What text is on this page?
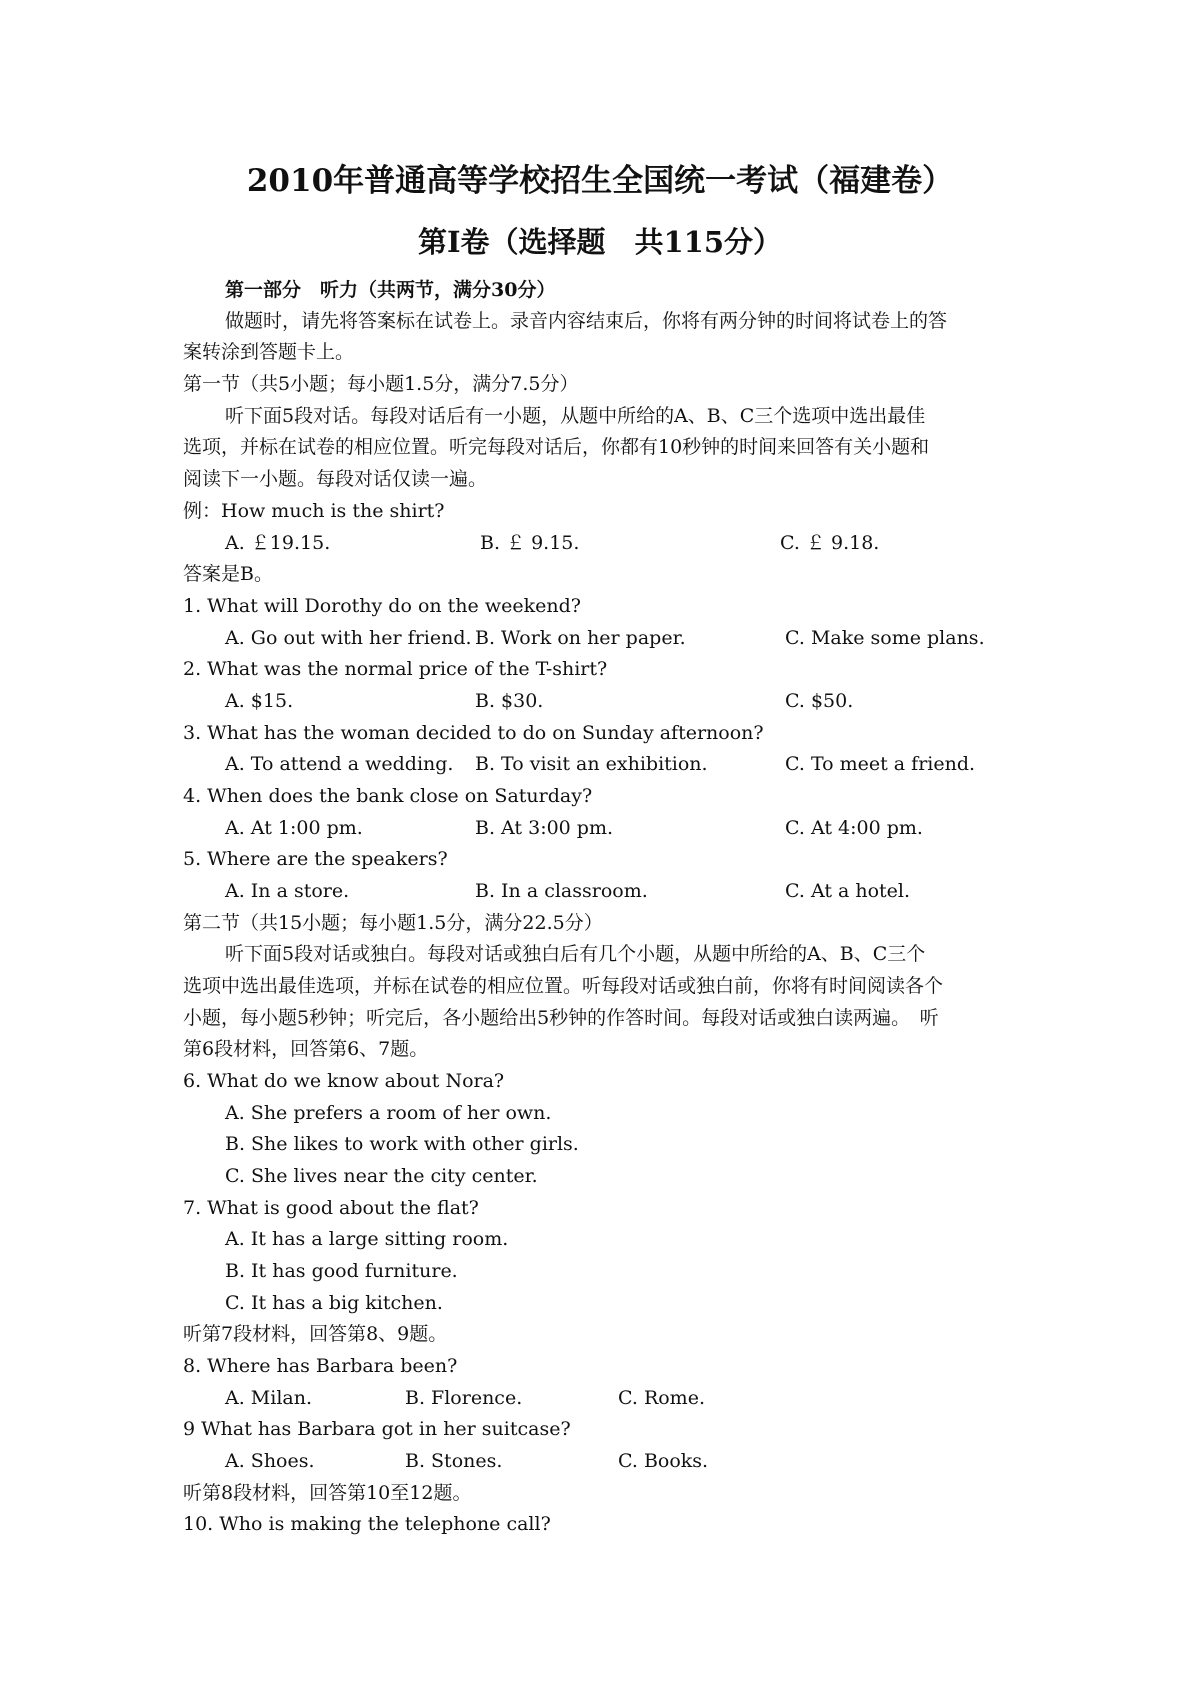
2010年普通高等学校招生全国统一考试（福建卷）
第I卷（选择题　共115分）
第一部分　听力（共两节，满分30分）
做题时，请先将答案标在试卷上。录音内容结束后，你将有两分钟的时间将试卷上的答
案转涂到答题卡上。
第一节（共5小题；每小题1.5分，满分7.5分）
听下面5段对话。每段对话后有一小题，从题中所给的A、B、C三个选项中选出最佳
选项，并标在试卷的相应位置。听完每段对话后，你都有10秒钟的时间来回答有关小题和
阅读下一小题。每段对话仅读一遍。
例：How much is the shirt?
A. ￡19.15.	B. ￡ 9.15.	C. ￡ 9.18.
答案是B。
1. What will Dorothy do on the weekend?
A. Go out with her friend. B. Work on her paper.	C. Make some plans.
2. What was the normal price of the T-shirt?
A. $15.	B. $30.	C. $50.
3. What has the woman decided to do on Sunday afternoon?
A. To attend a wedding. B. To visit an exhibition.	C. To meet a friend.
4. When does the bank close on Saturday?
A. At 1:00 pm.	B. At 3:00 pm.	C. At 4:00 pm.
5. Where are the speakers?
A. In a store.	B. In a classroom.	C. At a hotel.
第二节（共15小题；每小题1.5分，满分22.5分）
听下面5段对话或独白。每段对话或独白后有几个小题，从题中所给的A、B、C三个
选项中选出最佳选项，并标在试卷的相应位置。听每段对话或独白前，你将有时间阅读各个
小题，每小题5秒钟；听完后，各小题给出5秒钟的作答时间。每段对话或独白读两遍。　听
第6段材料，回答第6、7题。
6. What do we know about Nora?
A. She prefers a room of her own.
B. She likes to work with other girls.
C. She lives near the city center.
7. What is good about the flat?
A. It has a large sitting room.
B. It has good furniture.
C. It has a big kitchen.
听第7段材料，回答第8、9题。
8. Where has Barbara been?
A. Milan.	B. Florence.	C. Rome.
9 What has Barbara got in her suitcase?
A. Shoes.	B. Stones.	C. Books.
听第8段材料，回答第10至12题。
10. Who is making the telephone call?
